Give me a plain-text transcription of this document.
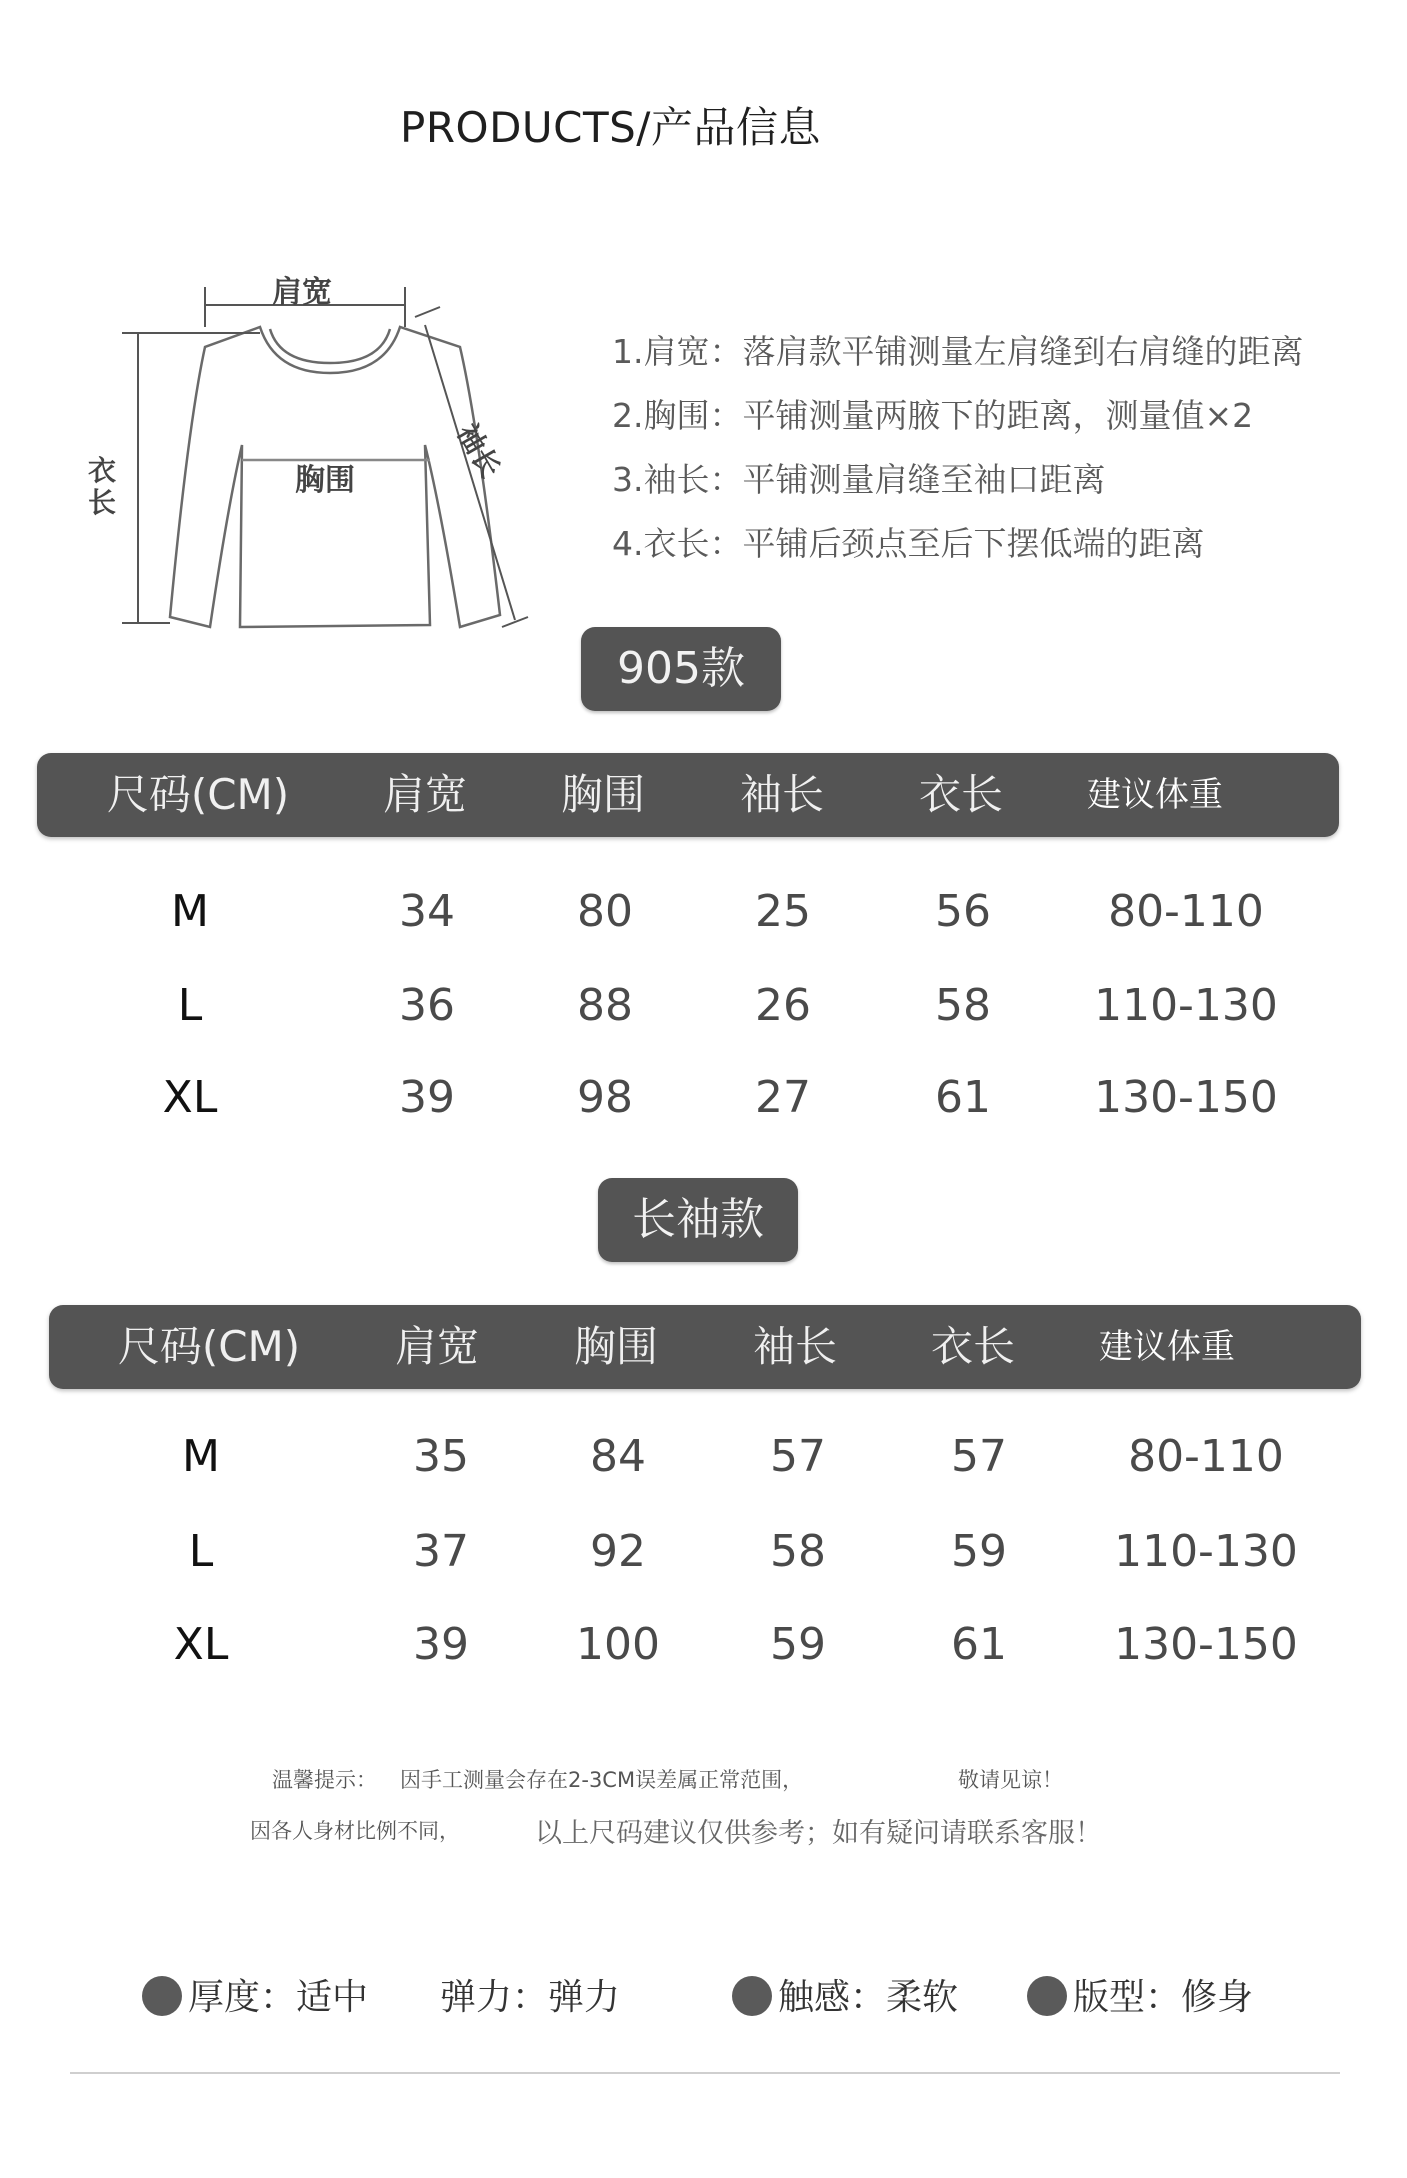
PRODUCTS/产品信息
肩宽
衣长
胸围	袖长
1.肩宽：落肩款平铺测量左肩缝到右肩缝的距离
2.胸围：平铺测量两腋下的距离，测量值×2
3.袖长：平铺测量肩缝至袖口距离
4.衣长：平铺后颈点至后下摆低端的距离
905款
尺码(CM) 肩宽 胸围 袖长 衣长 建议体重
M	34	80	25	56	80-110
L	36	88	26	58 110-130
XL	39	98	27	61 130-150
长袖款
尺码(CM) 肩宽 胸围 袖长 衣长 建议体重
M	35	84	57	57	80-110
L	37	92	58	59 110-130
XL	39 100	59	61 130-150
温馨提示： 因手工测量会存在2-3CM误差属正常范围，	敬请见谅！
因各人身材比例不同，	以上尺码建议仅供参考；如有疑问请联系客服！
厚度：适中 弹力：弹力	触感：柔软	版型：修身
